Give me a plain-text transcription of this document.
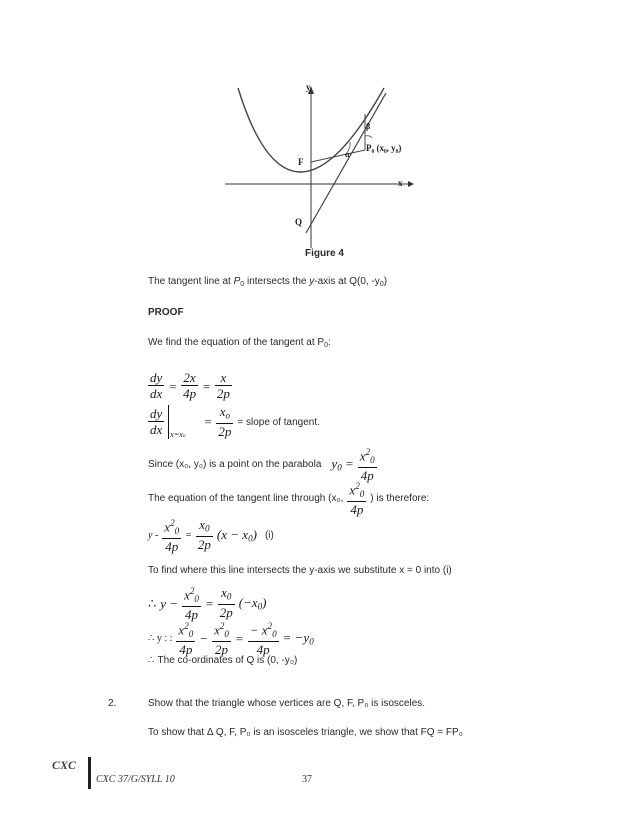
y
x
F
Q
α
β
P₀ (x₀, y₀)
Figure 4
The tangent line at $P_0$ intersects the y-axis at Q(0, $-y_0$)
PROOF
We find the equation of the tangent at $P_0$:
$\frac{dy}{dx} = \frac{2x}{4p} = \frac{x}{2p}$
$\frac{dy}{dx} x=x$ o
= $\frac{x_o}{2p}$ = slope of tangent.
Since (x₀, y₀) is a point on the parabola $y_0 = \frac{x^2_0}{4p}$
The equation of the tangent line through (x₀, $\frac{x^2_0}{4p}$ ) is therefore:
$y - \frac{x^2_0}{4p} = \frac{x_0}{2p} (x - x_0)$ (i)
To find where this line intersects the y-axis we substitute x = 0 into (i)
∴ $y - \frac{x^2_0}{4p} = \frac{x_0}{2p} (-x_0)$
∴ y : : $\frac{x^2_0}{4p} - \frac{x^2_0}{2p} = \frac{- x^2_0}{4p} = -y_0$
∴ The co-ordinates of Q is (0, -y₀)
2.	Show that the triangle whose vertices are Q, F, P₀ is isosceles.
To show that Δ Q, F, P₀ is an isosceles triangle, we show that FQ = FP₀
CXC
CXC 37/G/SYLL 10	37
